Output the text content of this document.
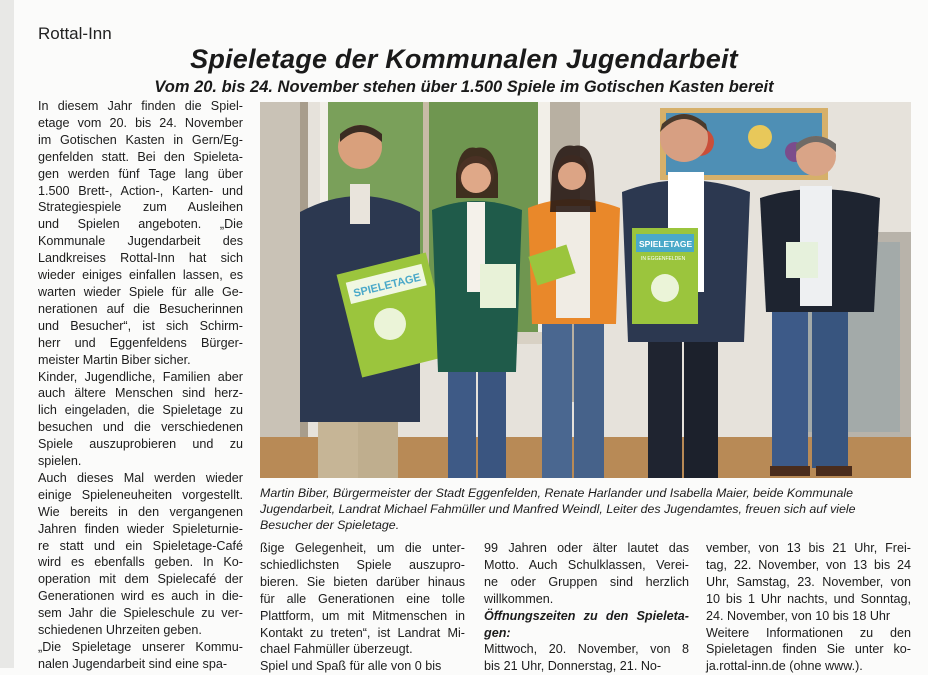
Rottal-Inn
Spieletage der Kommunalen Jugendarbeit
Vom 20. bis 24. November stehen über 1.500 Spiele im Gotischen Kasten bereit
In diesem Jahr finden die Spiel-
etage vom 20. bis 24. November
im Gotischen Kasten in Gern/Eg-
genfelden statt. Bei den Spieleta-
gen werden fünf Tage lang über
1.500 Brett-, Action-, Karten- und
Strategiespiele zum Ausleihen
und Spielen angeboten. „Die
Kommunale Jugendarbeit des
Landkreises Rottal-Inn hat sich
wieder einiges einfallen lassen, es
warten wieder Spiele für alle Ge-
nerationen auf die Besucherinnen
und Besucher“, ist sich Schirm-
herr und Eggenfeldens Bürger-
meister Martin Biber sicher.
Kinder, Jugendliche, Familien aber
auch ältere Menschen sind herz-
lich eingeladen, die Spieletage zu
besuchen und die verschiedenen
Spiele auszuprobieren und zu
spielen.
Auch dieses Mal werden wieder
einige Spieleneuheiten vorgestellt.
Wie bereits in den vergangenen
Jahren finden wieder Spieleturnie-
re statt und ein Spieletage-Café
wird es ebenfalls geben. In Ko-
operation mit dem Spielecafé der
Generationen wird es auch in die-
sem Jahr die Spieleschule zu ver-
schiedenen Uhrzeiten geben.
„Die Spieletage unserer Kommu-
nalen Jugendarbeit sind eine spa-
SPIELETAGE
SPIELETAGE
IN EGGENFELDEN
Martin Biber, Bürgermeister der Stadt Eggenfelden, Renate Harlander und Isabella Maier, beide Kommunale Jugendarbeit, Landrat Michael Fahmüller und Manfred Weindl, Leiter des Jugendamtes, freuen sich auf viele Besucher der Spieletage.
ßige Gelegenheit, um die unter-
schiedlichsten Spiele auszupro-
bieren. Sie bieten darüber hinaus
für alle Generationen eine tolle
Plattform, um mit Mitmenschen in
Kontakt zu treten“, ist Landrat Mi-
chael Fahmüller überzeugt.
Spiel und Spaß für alle von 0 bis
99 Jahren oder älter lautet das
Motto. Auch Schulklassen, Verei-
ne oder Gruppen sind herzlich
willkommen.
Öffnungszeiten zu den Spieleta-
gen:
Mittwoch, 20. November, von 8
bis 21 Uhr, Donnerstag, 21. No-
vember, von 13 bis 21 Uhr, Frei-
tag, 22. November, von 13 bis 24
Uhr, Samstag, 23. November, von
10 bis 1 Uhr nachts, und Sonntag,
24. November, von 10 bis 18 Uhr
Weitere Informationen zu den
Spieletagen finden Sie unter ko-
ja.rottal-inn.de (ohne www.).
